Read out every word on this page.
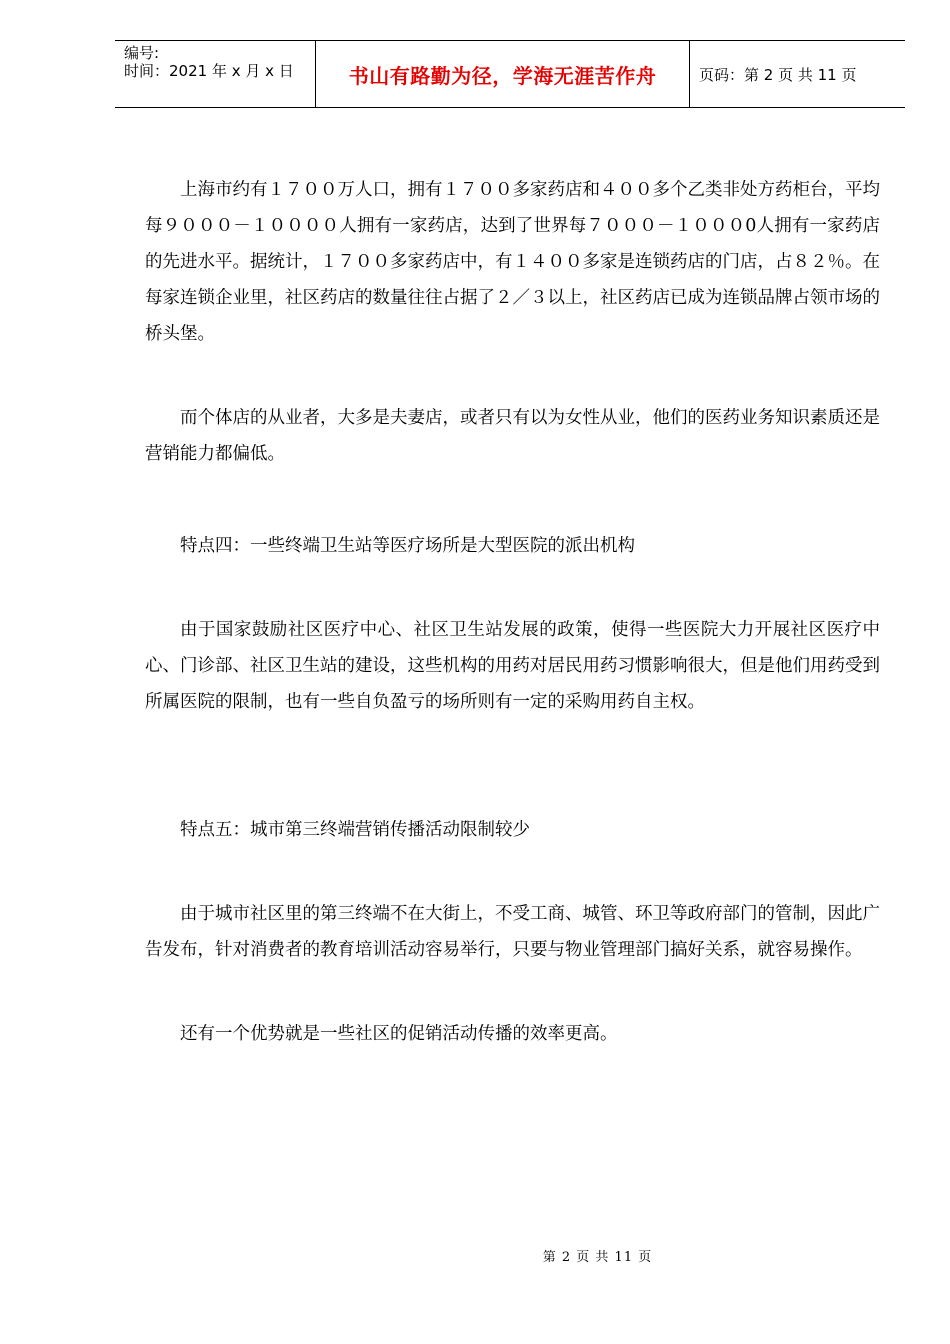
编号:
时间：2021 年 x 月 x 日	书山有路勤为径，学海无涯苦作舟	页码：第 2 页 共 11 页

上海市约有１７００万人口，拥有１７００多家药店和４００多个乙类非处方药柜台，平均每９０００－１００００人拥有一家药店，达到了世界每７０００－１０００0人拥有一家药店的先进水平。据统计，１７００多家药店中，有１４００多家是连锁药店的门店，占８２％。在每家连锁企业里，社区药店的数量往往占据了２／３以上，社区药店已成为连锁品牌占领市场的桥头堡。

而个体店的从业者，大多是夫妻店，或者只有以为女性从业，他们的医药业务知识素质还是营销能力都偏低。

特点四：一些终端卫生站等医疗场所是大型医院的派出机构

由于国家鼓励社区医疗中心、社区卫生站发展的政策，使得一些医院大力开展社区医疗中心、门诊部、社区卫生站的建设，这些机构的用药对居民用药习惯影响很大，但是他们用药受到所属医院的限制，也有一些自负盈亏的场所则有一定的采购用药自主权。

特点五：城市第三终端营销传播活动限制较少

由于城市社区里的第三终端不在大街上，不受工商、城管、环卫等政府部门的管制，因此广告发布，针对消费者的教育培训活动容易举行，只要与物业管理部门搞好关系，就容易操作。

还有一个优势就是一些社区的促销活动传播的效率更高。

第 2 页 共 11 页
